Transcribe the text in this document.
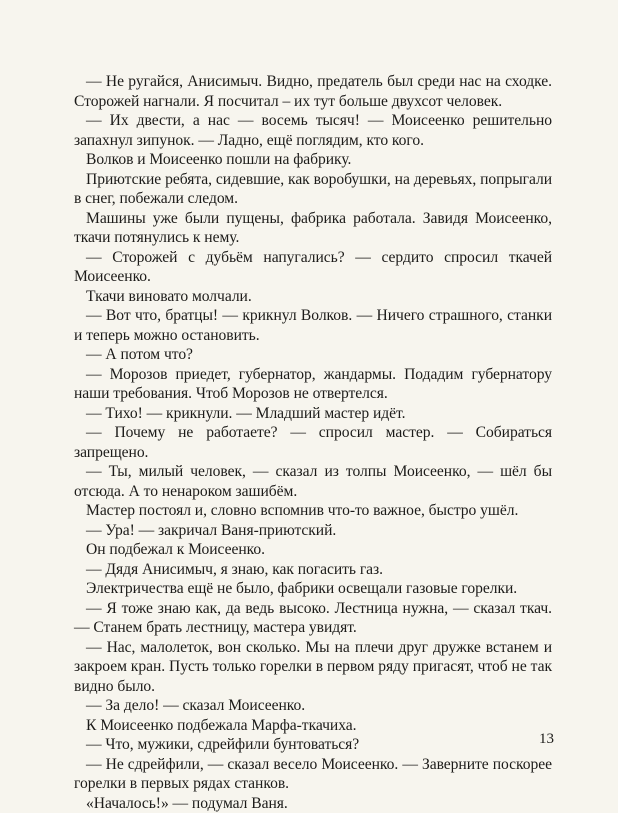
— Не ругайся, Анисимыч. Видно, предатель был среди нас на сходке. Сторожей нагнали. Я посчитал – их тут больше двухсот человек.

— Их двести, а нас — восемь тысяч! — Моисеенко решительно запахнул зипунок. — Ладно, ещё поглядим, кто кого.

Волков и Моисеенко пошли на фабрику.

Приютские ребята, сидевшие, как воробушки, на деревьях, попрыгали в снег, побежали следом.

Машины уже были пущены, фабрика работала. Завидя Моисеенко, ткачи потянулись к нему.

— Сторожей с дубьём напугались? — сердито спросил ткачей Моисеенко.

Ткачи виновато молчали.

— Вот что, братцы! — крикнул Волков. — Ничего страшного, станки и теперь можно остановить.

— А потом что?

— Морозов приедет, губернатор, жандармы. Подадим губернатору наши требования. Чтоб Морозов не отвертелся.

— Тихо! — крикнули. — Младший мастер идёт.

— Почему не работаете? — спросил мастер. — Собираться запрещено.

— Ты, милый человек, — сказал из толпы Моисеенко, — шёл бы отсюда. А то ненароком зашибём.

Мастер постоял и, словно вспомнив что-то важное, быстро ушёл.

— Ура! — закричал Ваня-приютский.

Он подбежал к Моисеенко.

— Дядя Анисимыч, я знаю, как погасить газ.

Электричества ещё не было, фабрики освещали газовые горелки.

— Я тоже знаю как, да ведь высоко. Лестница нужна, — сказал ткач. — Станем брать лестницу, мастера увидят.

— Нас, малолеток, вон сколько. Мы на плечи друг дружке встанем и закроем кран. Пусть только горелки в первом ряду пригасят, чтоб не так видно было.

— За дело! — сказал Моисеенко.

К Моисеенко подбежала Марфа-ткачиха.

— Что, мужики, сдрейфили бунтоваться?

— Не сдрейфили, — сказал весело Моисеенко. — Заверните поскорее горелки в первых рядах станков.

«Началось!» — подумал Ваня.

13
